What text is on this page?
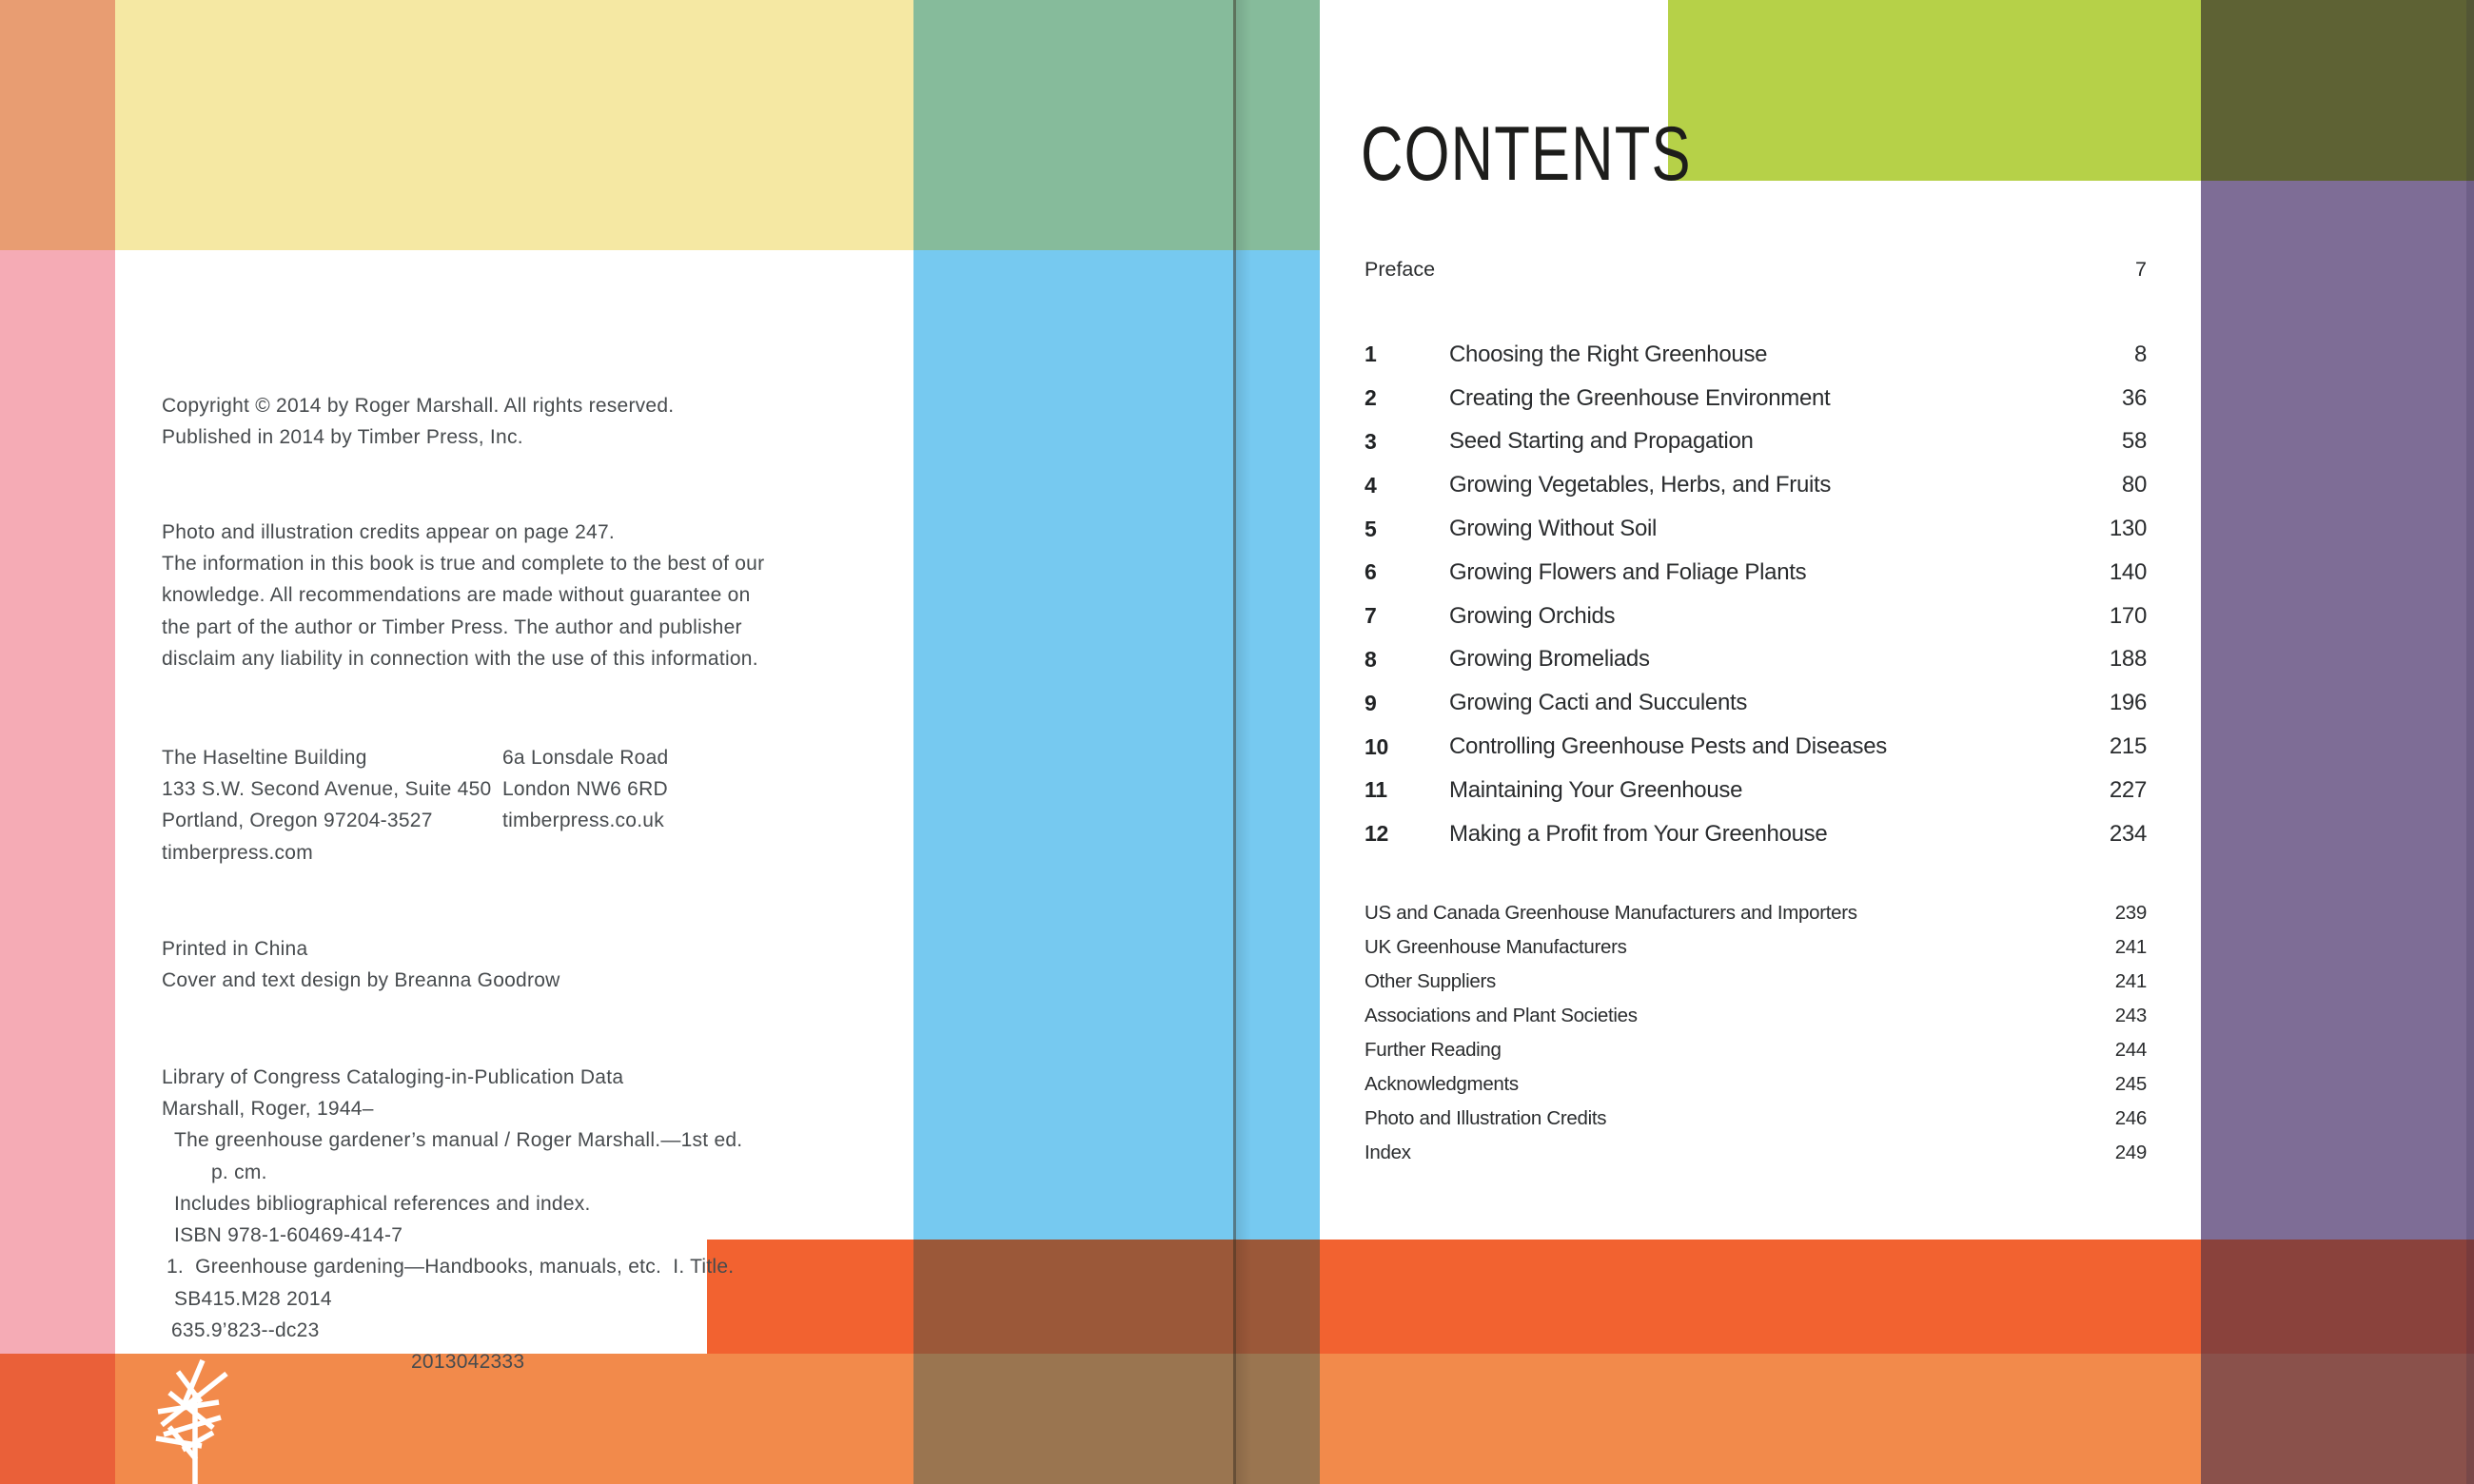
Copyright © 2014 by Roger Marshall. All rights reserved.
Published in 2014 by Timber Press, Inc.

Photo and illustration credits appear on page 247.
The information in this book is true and complete to the best of our
knowledge. All recommendations are made without guarantee on
the part of the author or Timber Press. The author and publisher
disclaim any liability in connection with the use of this information.

The Haseltine Building
133 S.W. Second Avenue, Suite 450
Portland, Oregon 97204-3527
timberpress.com

6a Lonsdale Road
London NW6 6RD
timberpress.co.uk

Printed in China
Cover and text design by Breanna Goodrow

Library of Congress Cataloging-in-Publication Data
Marshall, Roger, 1944–
The greenhouse gardener’s manual / Roger Marshall.—1st ed.
p. cm.
Includes bibliographical references and index.
ISBN 978-1-60469-414-7
1.  Greenhouse gardening—Handbooks, manuals, etc.  I. Title.
SB415.M28 2014
635.9’823--dc23
2013042333
CONTENTS
Preface	7
1	Choosing the Right Greenhouse	8
2	Creating the Greenhouse Environment	36
3	Seed Starting and Propagation	58
4	Growing Vegetables, Herbs, and Fruits	80
5	Growing Without Soil	130
6	Growing Flowers and Foliage Plants	140
7	Growing Orchids	170
8	Growing Bromeliads	188
9	Growing Cacti and Succulents	196
10	Controlling Greenhouse Pests and Diseases	215
11	Maintaining Your Greenhouse	227
12	Making a Profit from Your Greenhouse	234
US and Canada Greenhouse Manufacturers and Importers	239
UK Greenhouse Manufacturers	241
Other Suppliers	241
Associations and Plant Societies	243
Further Reading	244
Acknowledgments	245
Photo and Illustration Credits	246
Index	249
